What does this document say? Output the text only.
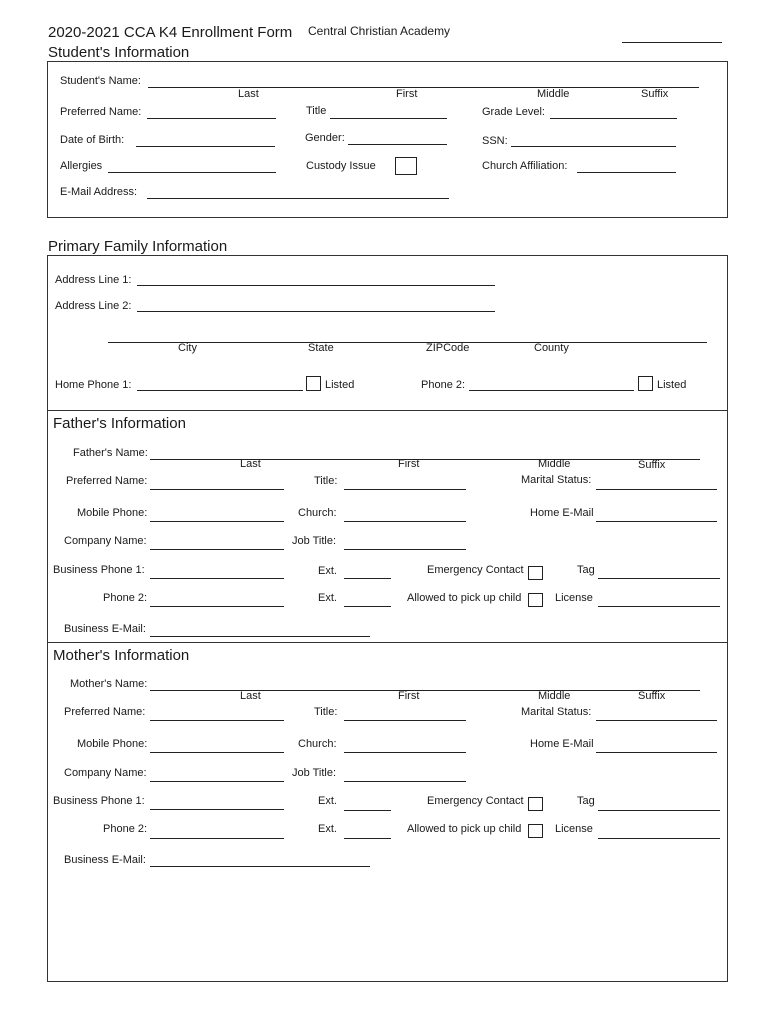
2020-2021 CCA K4 Enrollment Form Central Christian Academy
Student's Information
Student's Name:
Last	First	Middle	Suffix
Preferred Name:	Title	Grade Level:
Date of Birth:	Gender:	SSN:
Allergies	Custody Issue	Church Affiliation:
E-Mail Address:
Primary Family Information
Address Line 1:
Address Line 2:
City	State	ZIPCode	County
Home Phone 1:	Listed	Phone 2:	Listed
Father's Information
Father's Name:
Last	First	Middle	Suffix
Preferred Name:	Title:	Marital Status:
Mobile Phone:	Church:	Home E-Mail
Company Name:	Job Title:
Business Phone 1:	Ext.	Emergency Contact	Tag
Phone 2:	Ext.	Allowed to pick up child	License
Business E-Mail:
Mother's Information
Mother's Name:
Last	First	Middle	Suffix
Preferred Name:	Title:	Marital Status:
Mobile Phone:	Church:	Home E-Mail
Company Name:	Job Title:
Business Phone 1:	Ext.	Emergency Contact	Tag
Phone 2:	Ext.	Allowed to pick up child	License
Business E-Mail:
